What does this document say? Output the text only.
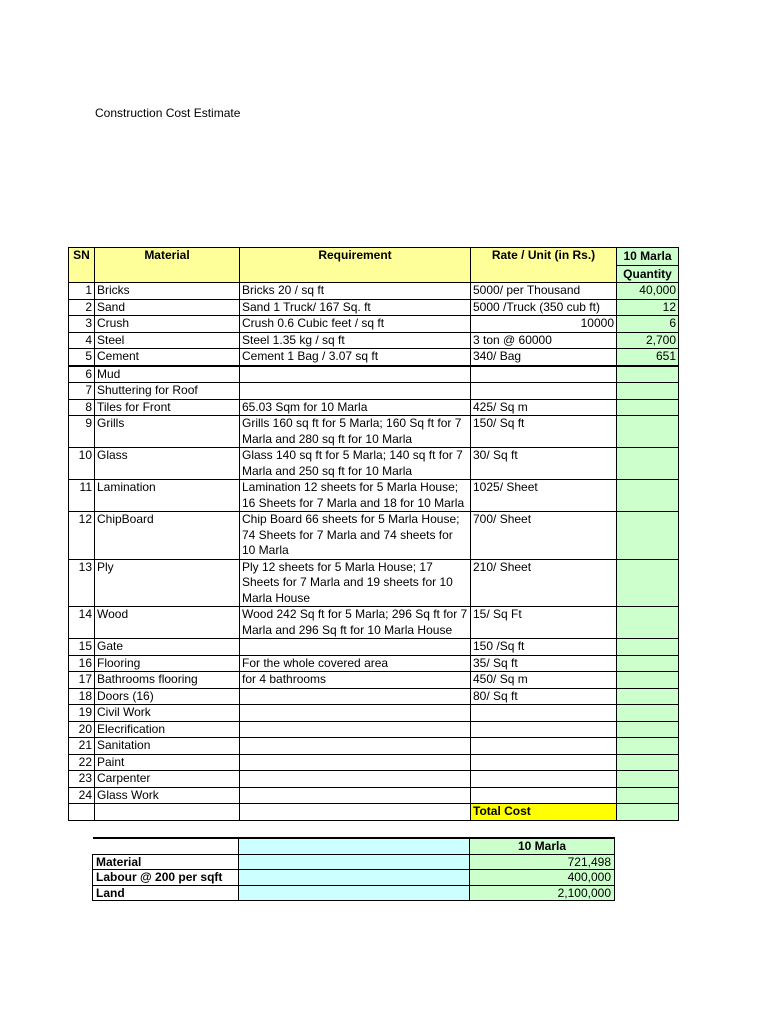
Construction Cost Estimate
SN	Material	Requirement	Rate / Unit (in Rs.)	10 Marla
Quantity

1	Bricks	Bricks 20 / sq ft	5000/ per Thousand	40,000
2	Sand	Sand 1 Truck/ 167 Sq. ft	5000 /Truck (350 cub ft)	12
3	Crush	Crush 0.6 Cubic feet / sq ft	10000	6
4	Steel	Steel 1.35 kg / sq ft	3 ton @ 60000	2,700
5	Cement	Cement 1 Bag / 3.07 sq ft	340/ Bag	651
6	Mud			
7	Shuttering for Roof			
8	Tiles for Front	65.03 Sqm for 10 Marla	425/ Sq m	
9	Grills	Grills 160 sq ft for 5 Marla; 160 Sq ft for 7 Marla and 280 sq ft for 10 Marla	150/ Sq ft	
10	Glass	Glass 140 sq ft for 5 Marla; 140 sq ft for 7 Marla and 250 sq ft for 10 Marla	30/ Sq ft	
11	Lamination	Lamination 12 sheets for 5 Marla House; 16 Sheets for 7 Marla and 18 for 10 Marla	1025/ Sheet	
12	ChipBoard	Chip Board 66 sheets for 5 Marla House; 74 Sheets for 7 Marla and 74 sheets for 10 Marla	700/ Sheet	
13	Ply	Ply 12 sheets for 5 Marla House; 17 Sheets for 7 Marla and 19 sheets for 10 Marla House	210/ Sheet	
14	Wood	Wood 242 Sq ft for 5 Marla; 296 Sq ft for 7 Marla and 296 Sq ft for 10 Marla House	15/ Sq Ft	
15	Gate		150 /Sq ft	
16	Flooring	For the whole covered area	35/ Sq ft	
17	Bathrooms flooring	for 4 bathrooms	450/ Sq m	
18	Doors (16)		80/ Sq ft	
19	Civil Work			
20	Elecrification			
21	Sanitation			
22	Paint			
23	Carpenter			
24	Glass Work			
			Total Cost	
		10 Marla
Material		721,498
Labour @ 200 per sqft		400,000
Land		2,100,000
